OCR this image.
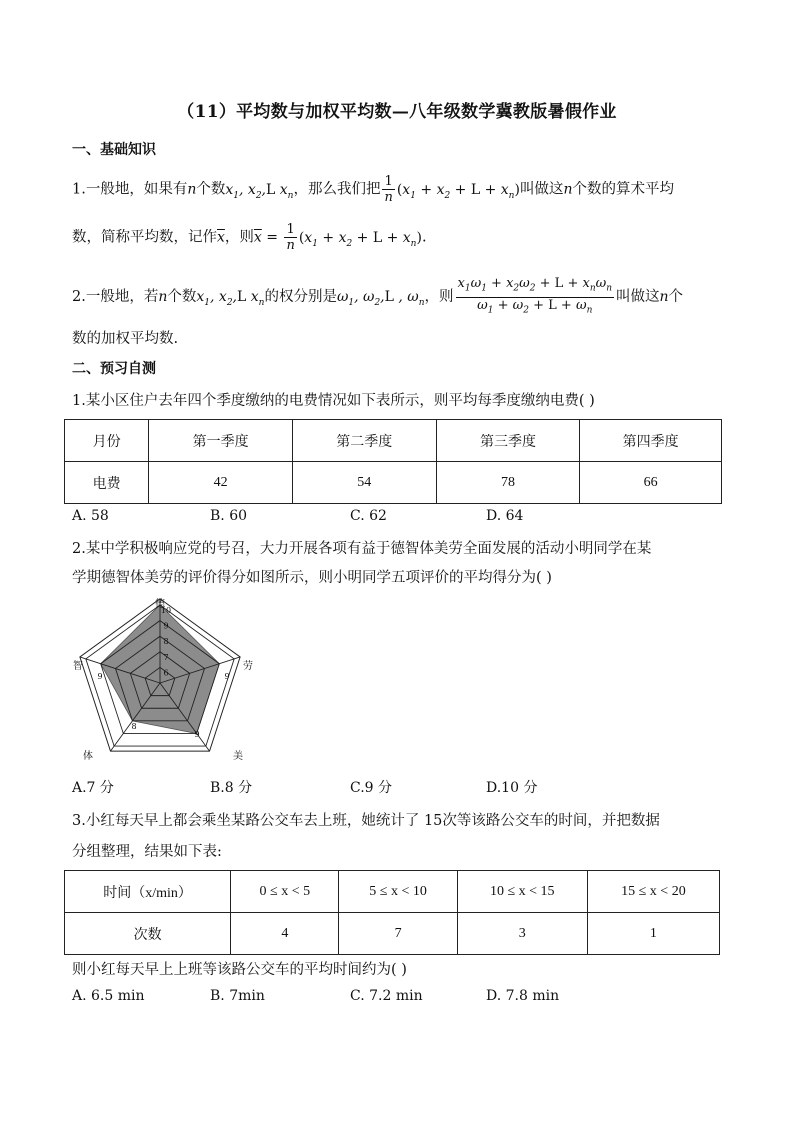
（11）平均数与加权平均数—八年级数学冀教版暑假作业
一、基础知识
1.一般地，如果有n个数$x_1$, $x_2,L$ $x_n$，那么我们把 $\frac{1}{n} (x_1 + x_2 + L + x_n)$叫做这n个数的算术平均
数，简称平均数，记作$\overline{x}$，则$\overline{x} = \frac{1}{n} (x_1 + x_2 + L + x_n)$.
2.一般地，若n个数$x_1$, $x_2,L$ $x_n$的权分别是$\omega_1$, $\omega_2,L$ , $\omega_n$，则 $\frac{x_1\omega_1 + x_2\omega_2 + L + x_n\omega_n}{\omega_1 + \omega_2 + L + \omega_n}$ 叫做这n个
数的加权平均数.
二、预习自测
1.某小区住户去年四个季度缴纳的电费情况如下表所示，则平均每季度缴纳电费( )
月份	第一季度	第二季度	第三季度	第四季度
电费	42	54	78	66
A. 58	B. 60	C. 62	D. 64
2.某中学积极响应党的号召，大力开展各项有益于德智体美劳全面发展的活动小明同学在某
学期德智体美劳的评价得分如图所示，则小明同学五项评价的平均得分为( )
德
劳
美
体
智
6
7
8
9
10
9
9
8
9
A.7 分	B.8 分	C.9 分	D.10 分
3.小红每天早上都会乘坐某路公交车去上班，她统计了 15次等该路公交车的时间，并把数据
分组整理，结果如下表:
时间（x/min）	0 ≤ x < 5	5 ≤ x < 10	10 ≤ x < 15	15 ≤ x < 20
次数	4	7	3	1
则小红每天早上上班等该路公交车的平均时间约为( )
A. 6.5 min	B. 7min	C. 7.2 min	D. 7.8 min
